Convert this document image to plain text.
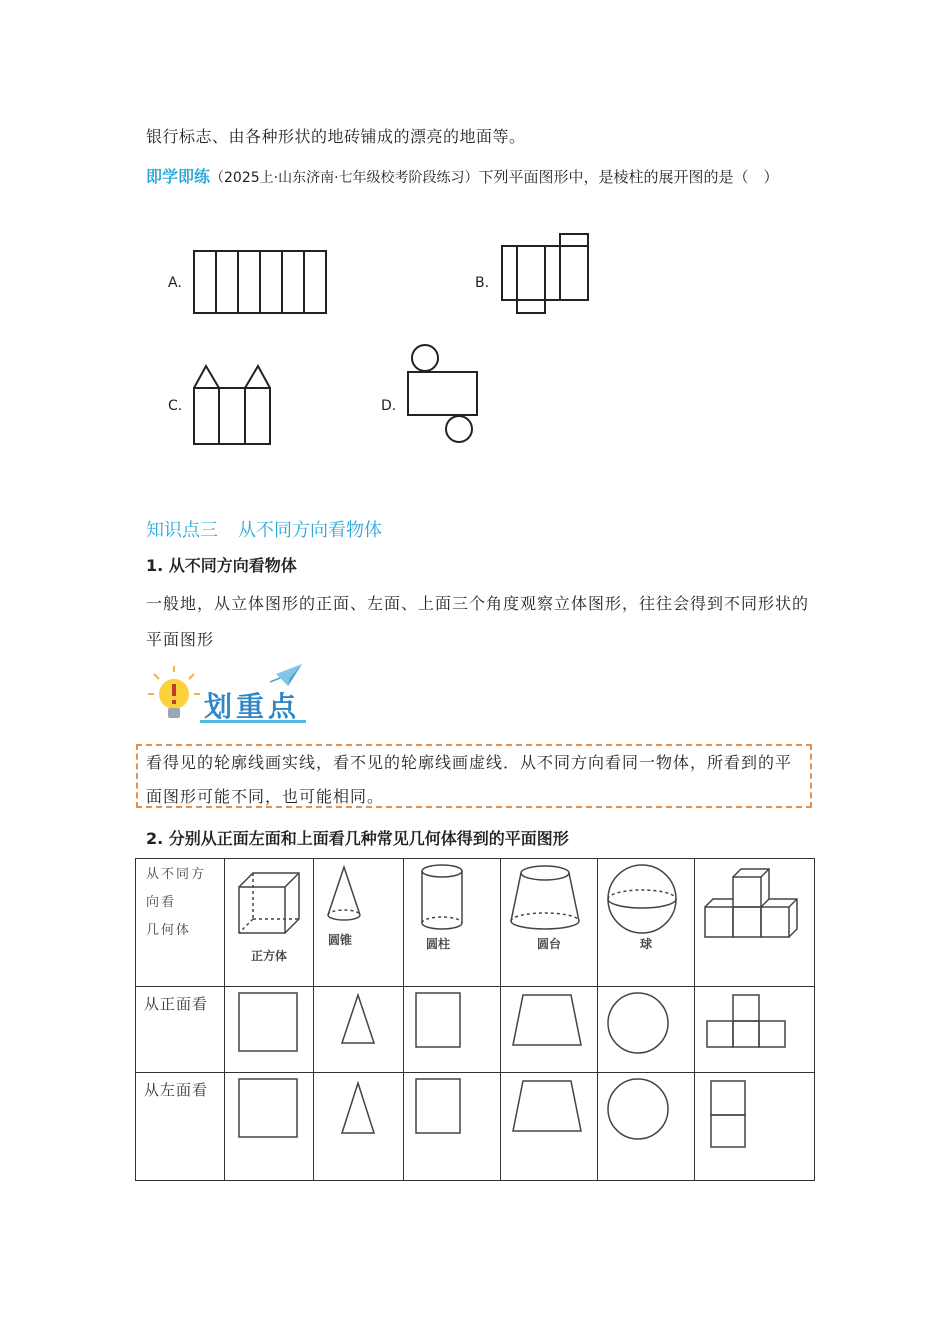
银行标志、由各种形状的地砖铺成的漂亮的地面等。
即学即练（2025上·山东济南·七年级校考阶段练习）下列平面图形中，是棱柱的展开图的是（　）
A.	B.
C.	D.
知识点三 从不同方向看物体
1. 从不同方向看物体
一般地，从立体图形的正面、左面、上面三个角度观察立体图形，往往会得到不同形状的平面图形
划重点
看得见的轮廓线画实线，看不见的轮廓线画虚线．从不同方向看同一物体，所看到的平面图形可能不同，也可能相同。
2. 分别从正面左面和上面看几种常见几何体得到的平面图形
从不同方
向看
几何体	正方体	圆锥	圆柱	圆台	球

从正面看	

从左面看	
